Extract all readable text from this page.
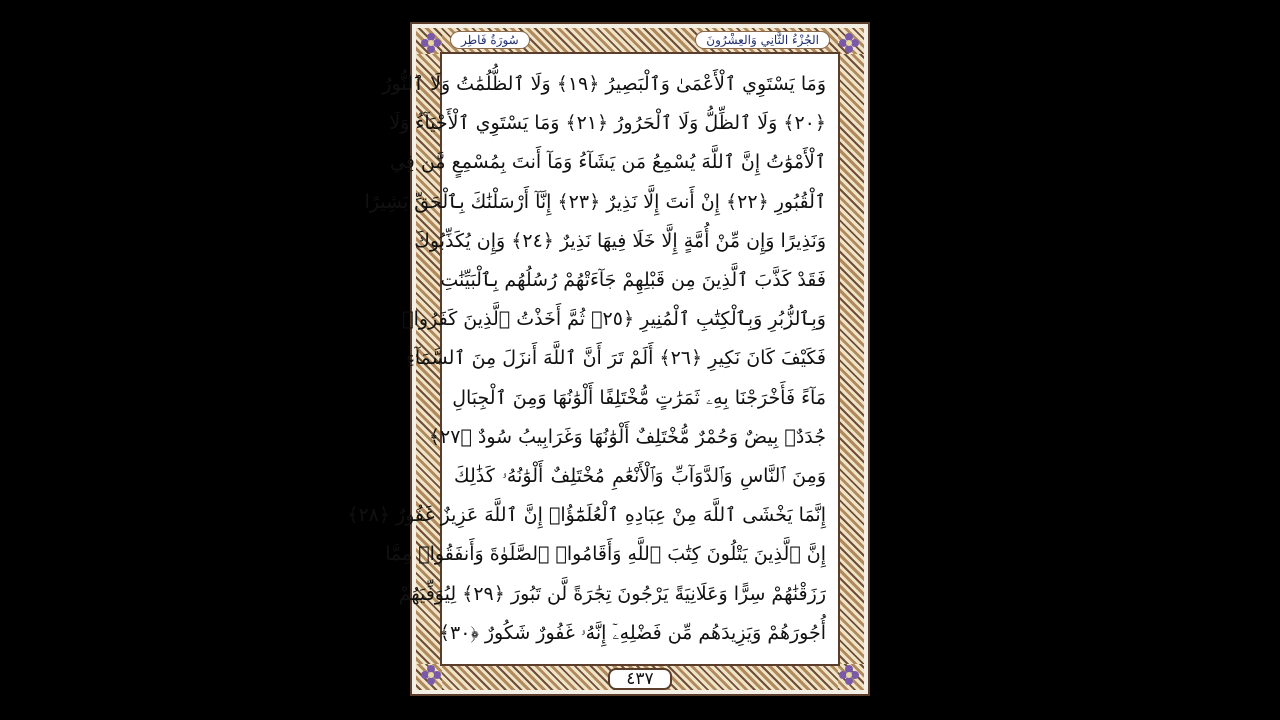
سُورَةُ فَاطِر	الجُزْءُ الثَّانِي وَالعِشْرُونَ
وَمَا يَسْتَوِي ٱلْأَعْمَىٰ وَٱلْبَصِيرُ ﴿١٩﴾ وَلَا ٱلظُّلُمَٰتُ وَلَا ٱلنُّورُ
﴿٢٠﴾ وَلَا ٱلظِّلُّ وَلَا ٱلْحَرُورُ ﴿٢١﴾ وَمَا يَسْتَوِي ٱلْأَحْيَآءُ وَلَا
ٱلْأَمْوَٰتُ إِنَّ ٱللَّهَ يُسْمِعُ مَن يَشَآءُ وَمَآ أَنتَ بِمُسْمِعٍ مَّن فِي
ٱلْقُبُورِ ﴿٢٢﴾ إِنْ أَنتَ إِلَّا نَذِيرٌ ﴿٢٣﴾ إِنَّآ أَرْسَلْنَٰكَ بِٱلْحَقِّ بَشِيرًا
وَنَذِيرًا وَإِن مِّنْ أُمَّةٍ إِلَّا خَلَا فِيهَا نَذِيرٌ ﴿٢٤﴾ وَإِن يُكَذِّبُوكَ
فَقَدْ كَذَّبَ ٱلَّذِينَ مِن قَبْلِهِمْ جَآءَتْهُمْ رُسُلُهُم بِٱلْبَيِّنَٰتِ
وَبِٱلزُّبُرِ وَبِٱلْكِتَٰبِ ٱلْمُنِيرِ ﴿٢٥﴾ ثُمَّ أَخَذْتُ ٱلَّذِينَ كَفَرُوا۟
فَكَيْفَ كَانَ نَكِيرِ ﴿٢٦﴾ أَلَمْ تَرَ أَنَّ ٱللَّهَ أَنزَلَ مِنَ ٱلسَّمَآءِ
مَآءً فَأَخْرَجْنَا بِهِۦ ثَمَرَٰتٍ مُّخْتَلِفًا أَلْوَٰنُهَا وَمِنَ ٱلْجِبَالِ
جُدَدٌۢ بِيضٌ وَحُمْرٌ مُّخْتَلِفٌ أَلْوَٰنُهَا وَغَرَابِيبُ سُودٌ ﴿٢٧﴾
وَمِنَ ٱلنَّاسِ وَٱلدَّوَآبِّ وَٱلْأَنْعَٰمِ مُخْتَلِفٌ أَلْوَٰنُهُۥ كَذَٰلِكَ
إِنَّمَا يَخْشَى ٱللَّهَ مِنْ عِبَادِهِ ٱلْعُلَمَٰٓؤُا۟ إِنَّ ٱللَّهَ عَزِيزٌ غَفُورٌ ﴿٢٨﴾
إِنَّ ٱلَّذِينَ يَتْلُونَ كِتَٰبَ ٱللَّهِ وَأَقَامُوا۟ ٱلصَّلَوٰةَ وَأَنفَقُوا۟ مِمَّا
رَزَقْنَٰهُمْ سِرًّا وَعَلَانِيَةً يَرْجُونَ تِجَٰرَةً لَّن تَبُورَ ﴿٢٩﴾ لِيُوَفِّيَهُمْ
أُجُورَهُمْ وَيَزِيدَهُم مِّن فَضْلِهِۦٓ إِنَّهُۥ غَفُورٌ شَكُورٌ ﴿٣٠﴾
٤٣٧
